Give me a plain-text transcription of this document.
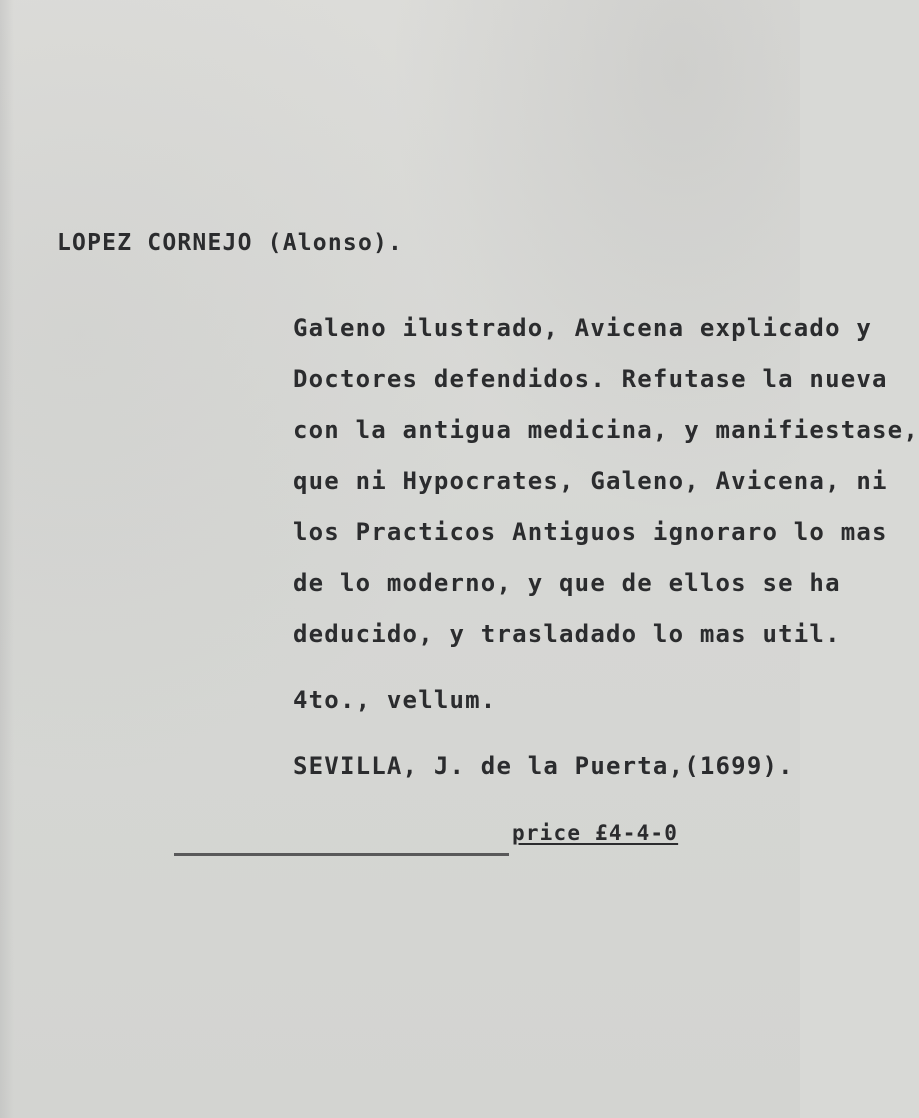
​
LOPEZ CORNEJO (Alonso).
Galeno ilustrado, Avicena explicado y
Doctores defendidos. Refutase la nueva
con la antigua medicina, y manifiestase,
que ni Hypocrates, Galeno, Avicena, ni
los Practicos Antiguos ignoraro lo mas
de lo moderno, y que de ellos se ha
deducido, y trasladado lo mas util.
4to., vellum.
SEVILLA, J. de la Puerta,(1699).
price £4-4-0
